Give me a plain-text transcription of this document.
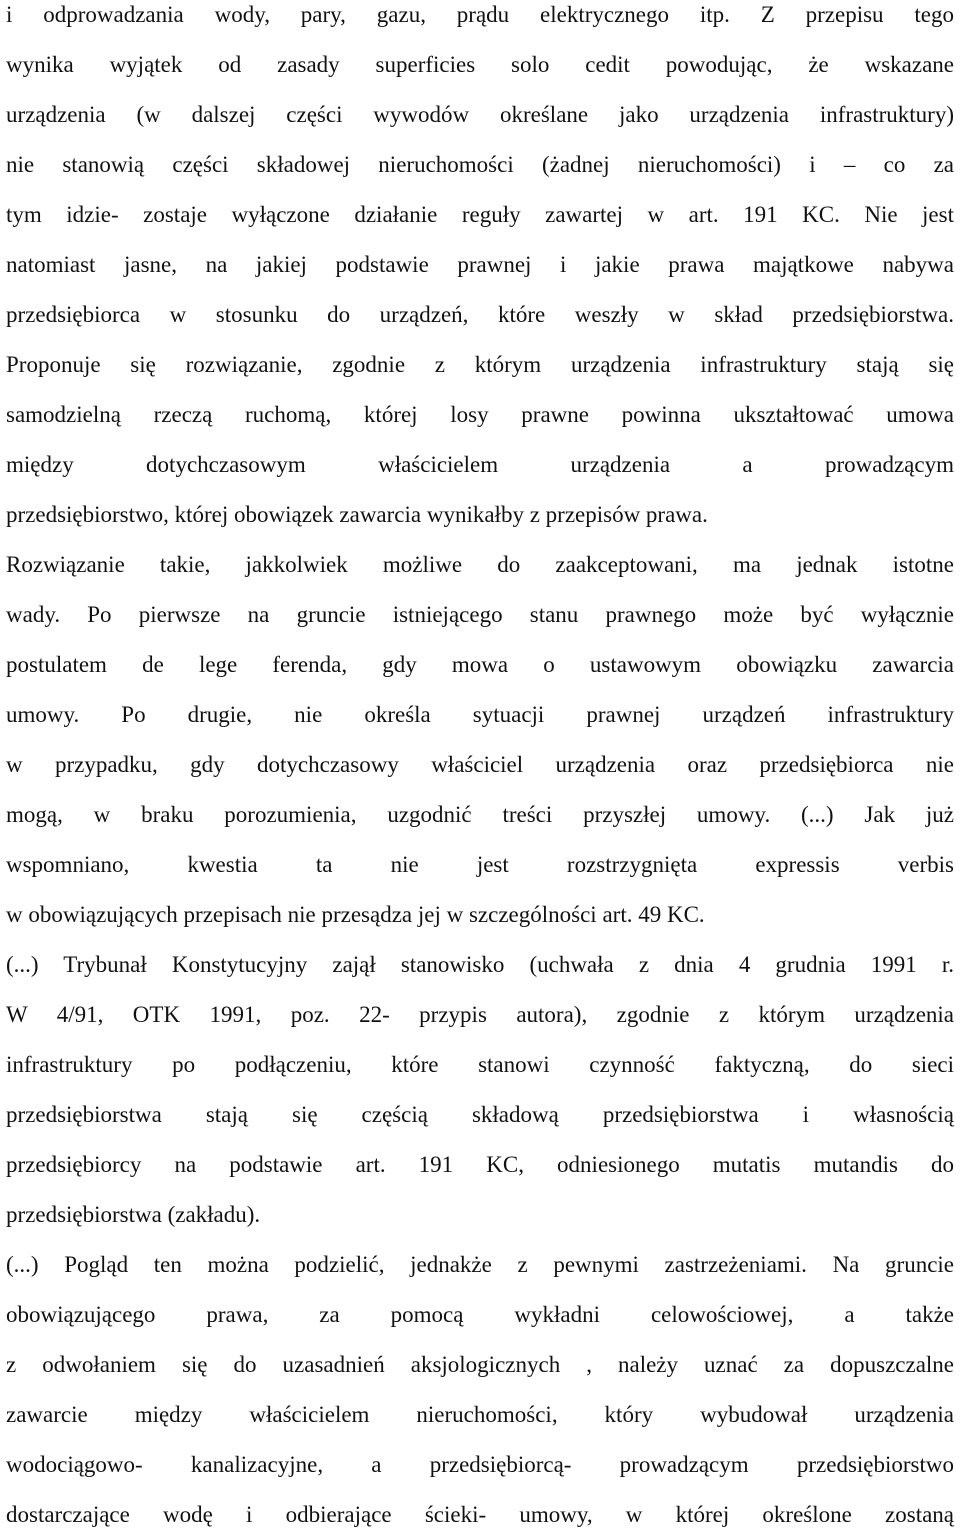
i odprowadzania wody, pary, gazu, prądu elektrycznego itp. Z przepisu tego
wynika wyjątek od zasady superficies solo cedit powodując, że wskazane
urządzenia (w dalszej części wywodów określane jako urządzenia infrastruktury)
nie stanowią części składowej nieruchomości (żadnej nieruchomości) i – co za
tym idzie- zostaje wyłączone działanie reguły zawartej w art. 191 KC. Nie jest
natomiast jasne, na jakiej podstawie prawnej i jakie prawa majątkowe nabywa
przedsiębiorca w stosunku do urządzeń, które weszły w skład przedsiębiorstwa.
Proponuje się rozwiązanie, zgodnie z którym urządzenia infrastruktury stają się
samodzielną rzeczą ruchomą, której losy prawne powinna ukształtować umowa
między dotychczasowym właścicielem urządzenia a prowadzącym
przedsiębiorstwo, której obowiązek zawarcia wynikałby z przepisów prawa.
Rozwiązanie takie, jakkolwiek możliwe do zaakceptowani, ma jednak istotne
wady. Po pierwsze na gruncie istniejącego stanu prawnego może być wyłącznie
postulatem de lege ferenda, gdy mowa o ustawowym obowiązku zawarcia
umowy. Po drugie, nie określa sytuacji prawnej urządzeń infrastruktury
w przypadku, gdy dotychczasowy właściciel urządzenia oraz przedsiębiorca nie
mogą, w braku porozumienia, uzgodnić treści przyszłej umowy. (...) Jak już
wspomniano, kwestia ta nie jest rozstrzygnięta expressis verbis
w obowiązujących przepisach nie przesądza jej w szczególności art. 49 KC.
(...) Trybunał Konstytucyjny zajął stanowisko (uchwała z dnia 4 grudnia 1991 r.
W 4/91, OTK 1991, poz. 22- przypis autora), zgodnie z którym urządzenia
infrastruktury po podłączeniu, które stanowi czynność faktyczną, do sieci
przedsiębiorstwa stają się częścią składową przedsiębiorstwa i własnością
przedsiębiorcy na podstawie art. 191 KC, odniesionego mutatis mutandis do
przedsiębiorstwa (zakładu).
(...) Pogląd ten można podzielić, jednakże z pewnymi zastrzeżeniami. Na gruncie
obowiązującego prawa, za pomocą wykładni celowościowej, a także
z odwołaniem się do uzasadnień aksjologicznych , należy uznać za dopuszczalne
zawarcie między właścicielem nieruchomości, który wybudował urządzenia
wodociągowo- kanalizacyjne, a przedsiębiorcą- prowadzącym przedsiębiorstwo
dostarczające wodę i odbierające ścieki- umowy, w której określone zostaną
